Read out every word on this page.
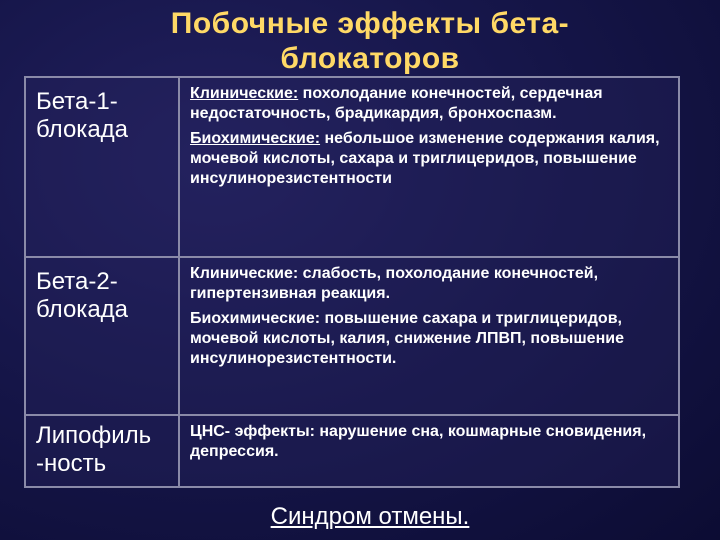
Побочные эффекты бета-
блокаторов
Бета-1-
блокада

Клинические: похолодание конечностей, сердечная недостаточность, брадикардия, бронхоспазм.

Биохимические: небольшое изменение содержания калия, мочевой кислоты, сахара и триглицеридов, повышение инсулинорезистентности

Бета-2-
блокада

Клинические: слабость, похолодание конечностей, гипертензивная реакция.

Биохимические: повышение сахара и триглицеридов, мочевой кислоты, калия, снижение ЛПВП, повышение инсулинорезистентности.

Липофиль
-ность

ЦНС- эффекты: нарушение сна, кошмарные сновидения, депрессия.

Синдром отмены.
